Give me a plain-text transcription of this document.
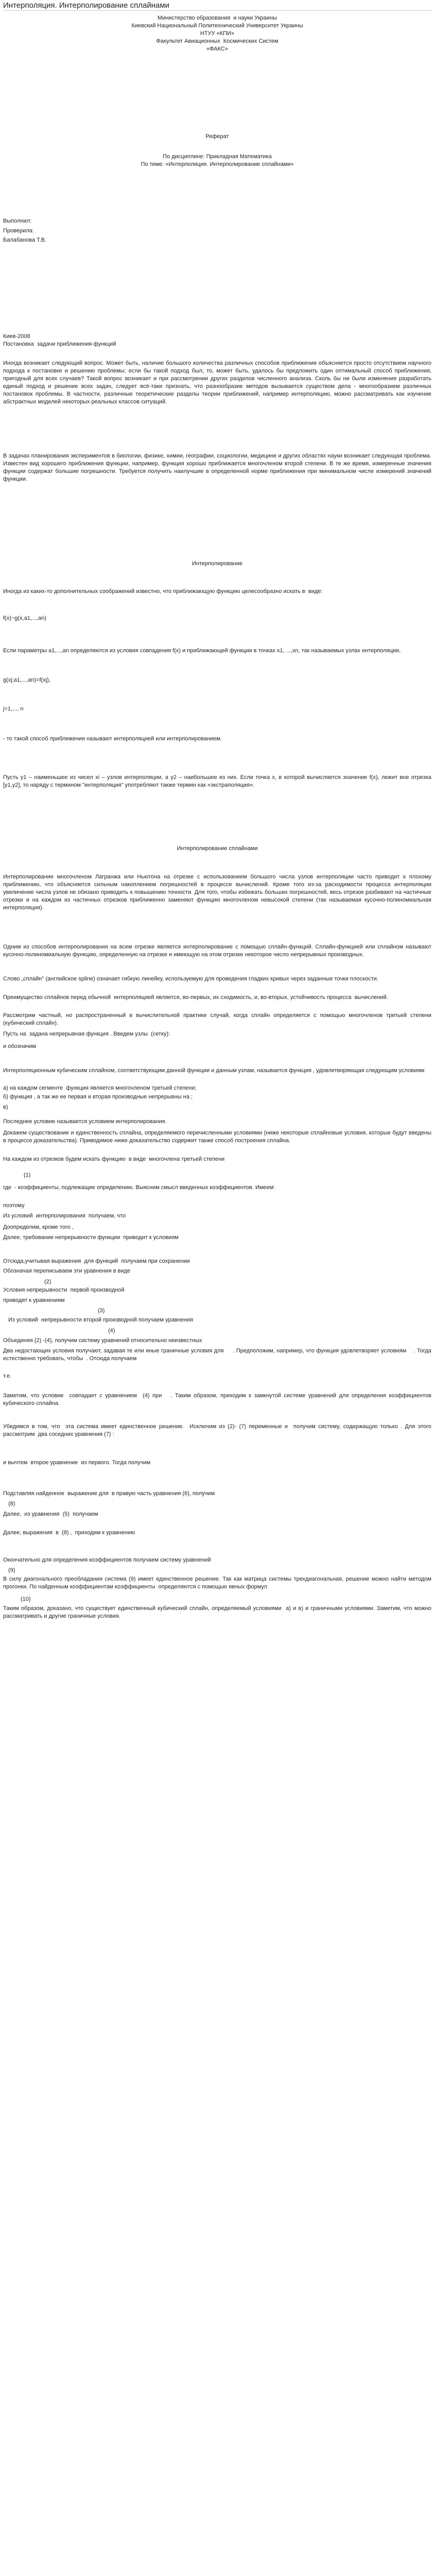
Интерполяция. Интерполирование сплайнами
Министерство образования  и науки Украины
Киевский Национальный Политехнический Университет Украины
НТУУ «КПИ»
Факультет Авиационных  Космических Систем
«ФАКС»
Реферат
По дисциплине: Прикладная Математика
По теме: «Интерполяция. Интерполирование сплайнами»
Выполнил:
Проверила:
Балабанова Т.В.
Киев-2008
Постановка  задачи приближения функций
Иногда возникает следующий вопрос. Может быть, наличие большого количества различных способов приближения объясняется просто отсутствием научного подхода к постановке и решению проблемы; если бы такой подход был, то, может быть, удалось бы предложить один оптимальный способ приближения, пригодный для всех случаев? Такой вопрос возникает и при рассмотрении других разделов численного анализа. Сколь бы ни были изменения разработать единый подход и решение всех задач, следует всё-таки признать, что разнообразие методов вызывается существом дела - многообразием различных постановок проблемы. В частности, различные теоретические разделы теории приближений, например интерполяцию, можно рассматривать как изучение абстрактных моделей некоторых реальных классов ситуаций.
В задачах планирования экспериментов в биологии, физике, химии, географии, социологии, медицине и других областях науки возникает следующая проблема. Известен вид хорошего приближения функции, например, функция хорошо приближается многочленом второй степени. В те же время, измеренные значения функции содержат большие погрешности. Требуется получить наилучшие в определенной норме приближения при минимальном числе измерений значений функции.
Интерполирование
Иногда из каких-то дополнительных соображений известно, что приближающую функцию целесообразно искать в  виде:
f(x)~g(x,a1,...,an)
Если параметры a1,...,an определяются из условия совпадения f(x) и приближающей функции в точках x1, ...,xn, так называемых узлах интерполяции,
g(xj;a1,...,an)=f(xj),
j=1,..., n
- то такой способ приближения называют интерполяцией или интерполированием.
Пусть y1 – наименьшее из чисел xi – узлов интерполяции, а y2 – наибольшее из них. Если точка x, в которой вычисляется значение f(x), лежит вне отрезка [y1,y2], то наряду с термином "интерполяция" употребляют также термин как «экстраполяция».
Интерполирование сплайнами
Интерполирование многочленом Лагранжа или Ньютона на отрезке с использованием большого числа узлов интерполяции часто приводит к плохому приближению, что объясняется сильным накоплением погрешностей в процессе вычислений. Кроме того из-за расходимости процесса интерполяции увеличение числа узлов не обязано приводить к повышению точности. Для того, чтобы избежать больших погрешностей, весь отрезок разбивают на частичные отрезки и на каждом из частичных отрезков приближенно заменяют функцию многочленом невысокой степени (так называемая кусочно-полиномиальная интерполяция).
Одним из способов интерполирования на всем отрезке является интерполирование с помощью сплайн-функций. Сплайн-функцией или сплайном называют кусочно-полиномиальную функцию, определенную на отрезке и имеющую на этом отрезке некоторое число непрерывных производных.
Слово „сплайн" (английское spline) означает гибкую линейку, используемую для проведения гладких кривых через заданные точки плоскости.
Преимущество сплайнов перед обычной  интерполяцией является, во-первых, их сходимость, и, во-вторых, устойчивость процесса  вычислений.
Рассмотрим частный, но распространенный в вычислительной практике случай, когда сплайн определяется с помощью многочленов третьей степени (кубический сплайн).
Пусть на  задана непрерывная функция . Введем узлы  (сетку):
и обозначим
Интерполяционным кубическим сплайном, соответствующим данной функции и данным узлам, называется функция , удовлетворяющая следующим условиям:
а) на каждом сегменте  функция является многочленом третьей степени;
б) функция , а так же ее первая и вторая производные непрерывны на ;
в)
Последнее условие называется условием интерполирования.
Докажем существование и единственность сплайна, определяемого перечисленными условиями (ниже некоторые сплайновые условия, которые будут введены в процессе доказательства). Приводимое ниже доказательство содержит также способ построения сплайна.
На каждом из отрезков будем искать функцию  в виде  многочлена третьей степени
(1)
где  - коэффициенты, подлежащие определению. Выясним смысл введенных коэффициентов. Имеем:
поэтому
Из условий  интерполирования  получаем, что
Доопределим, кроме того ,
Далее, требование непрерывности функции  приводит к условиям
Отсюда,учитывая выражения  для функций  получаем при сохранении
Обозначая переписываем эти уравнения в виде
(2)
Условия непрерывности  первой производной
приводят к уравнениям
(3)
Из условий  непрерывности второй производной получаем уравнения
(4)
Объединяя (2) -(4), получим систему уравнений относительно неизвестных
Два недостающих условия получают, задавая те или иные граничные условия для     . Предположим, например, что функция удовлетворяет условиям    . Тогда естественно требовать, чтобы  . Отсюда получаем
т.е.
Заметим, что условие  совпадает с уравнением  (4) при   . Таким образом, приходим к замкнутой системе уравнений для определения коэффициентов кубического сплайна.
Убедимся в том, что  эта система имеет единственное решение.  Исключим из (2)- (7) переменные и  получим систему, содержащую только . Для этого рассмотрим  два соседних уравнения (7) :
и вычтем  второе уравнение  из первого. Тогда получим
Подставляя найденное  выражение для  в правую часть уравнения (6), получим
(8)
Далее,  из уравнения  (5)  получаем
Далее, выражения  в  (8) ,  приходим к уравнению
Окончательно для определения коэффициентов получаем систему уравнений
(9)
В силу диагонального преобладания система (9) имеет единственное решение. Так как матрица системы трехдиагональная, решение можно найти методом прогонки. По найденным коэффициентам коэффициенты  определяются с помощью явных формул
(10)
Таким образом, доказано, что существует единственный кубический сплайн, определяемый условиями  а) и в) и граничными условиями. Заметим, что можно рассматривать и другие граничные условия.
